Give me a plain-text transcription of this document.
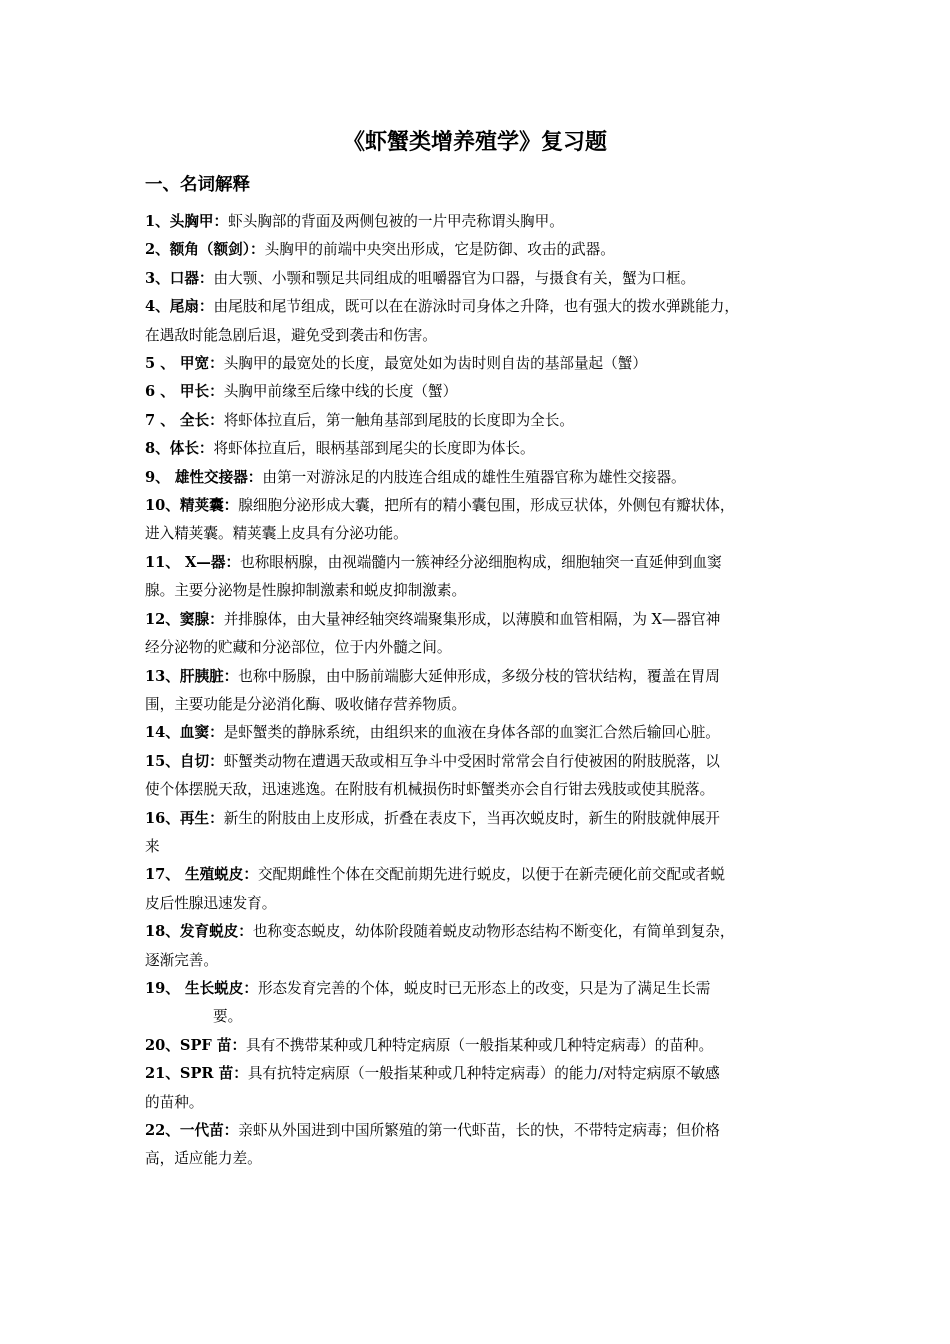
《虾蟹类增养殖学》复习题
一、名词解释
1、头胸甲：虾头胸部的背面及两侧包被的一片甲壳称谓头胸甲。
2、额角（额剑）：头胸甲的前端中央突出形成，它是防御、攻击的武器。
3、口器：由大颚、小颚和颚足共同组成的咀嚼器官为口器，与摄食有关，蟹为口框。
4、尾扇：由尾肢和尾节组成，既可以在在游泳时司身体之升降，也有强大的拨水弹跳能力，
在遇敌时能急剧后退，避免受到袭击和伤害。
5 、 甲宽：头胸甲的最宽处的长度，最宽处如为齿时则自齿的基部量起（蟹）
6 、 甲长：头胸甲前缘至后缘中线的长度（蟹）
7 、 全长：将虾体拉直后，第一触角基部到尾肢的长度即为全长。
8、体长：将虾体拉直后，眼柄基部到尾尖的长度即为体长。
9、 雄性交接器：由第一对游泳足的内肢连合组成的雄性生殖器官称为雄性交接器。
10、精荚囊：腺细胞分泌形成大囊，把所有的精小囊包围，形成豆状体，外侧包有瓣状体，
进入精荚囊。精荚囊上皮具有分泌功能。
11、 X—器：也称眼柄腺，由视端髓内一簇神经分泌细胞构成，细胞轴突一直延伸到血窦
腺。主要分泌物是性腺抑制激素和蜕皮抑制激素。
12、窦腺：并排腺体，由大量神经轴突终端聚集形成，以薄膜和血管相隔，为 X—器官神
经分泌物的贮藏和分泌部位，位于内外髓之间。
13、肝胰脏：也称中肠腺，由中肠前端膨大延伸形成，多级分枝的管状结构，覆盖在胃周
围，主要功能是分泌消化酶、吸收储存营养物质。
14、血窦：是虾蟹类的静脉系统，由组织来的血液在身体各部的血窦汇合然后输回心脏。
15、自切：虾蟹类动物在遭遇天敌或相互争斗中受困时常常会自行使被困的附肢脱落，以
使个体摆脱天敌，迅速逃逸。在附肢有机械损伤时虾蟹类亦会自行钳去残肢或使其脱落。
16、再生：新生的附肢由上皮形成，折叠在表皮下，当再次蜕皮时，新生的附肢就伸展开
来
17、 生殖蜕皮：交配期雌性个体在交配前期先进行蜕皮，以便于在新壳硬化前交配或者蜕
皮后性腺迅速发育。
18、发育蜕皮：也称变态蜕皮，幼体阶段随着蜕皮动物形态结构不断变化，有简单到复杂，
逐渐完善。
19、 生长蜕皮：形态发育完善的个体，蜕皮时已无形态上的改变，只是为了满足生长需
要。
20、SPF 苗：具有不携带某种或几种特定病原（一般指某种或几种特定病毒）的苗种。
21、SPR 苗：具有抗特定病原（一般指某种或几种特定病毒）的能力/对特定病原不敏感
的苗种。
22、一代苗：亲虾从外国进到中国所繁殖的第一代虾苗，长的快，不带特定病毒；但价格
高，适应能力差。
